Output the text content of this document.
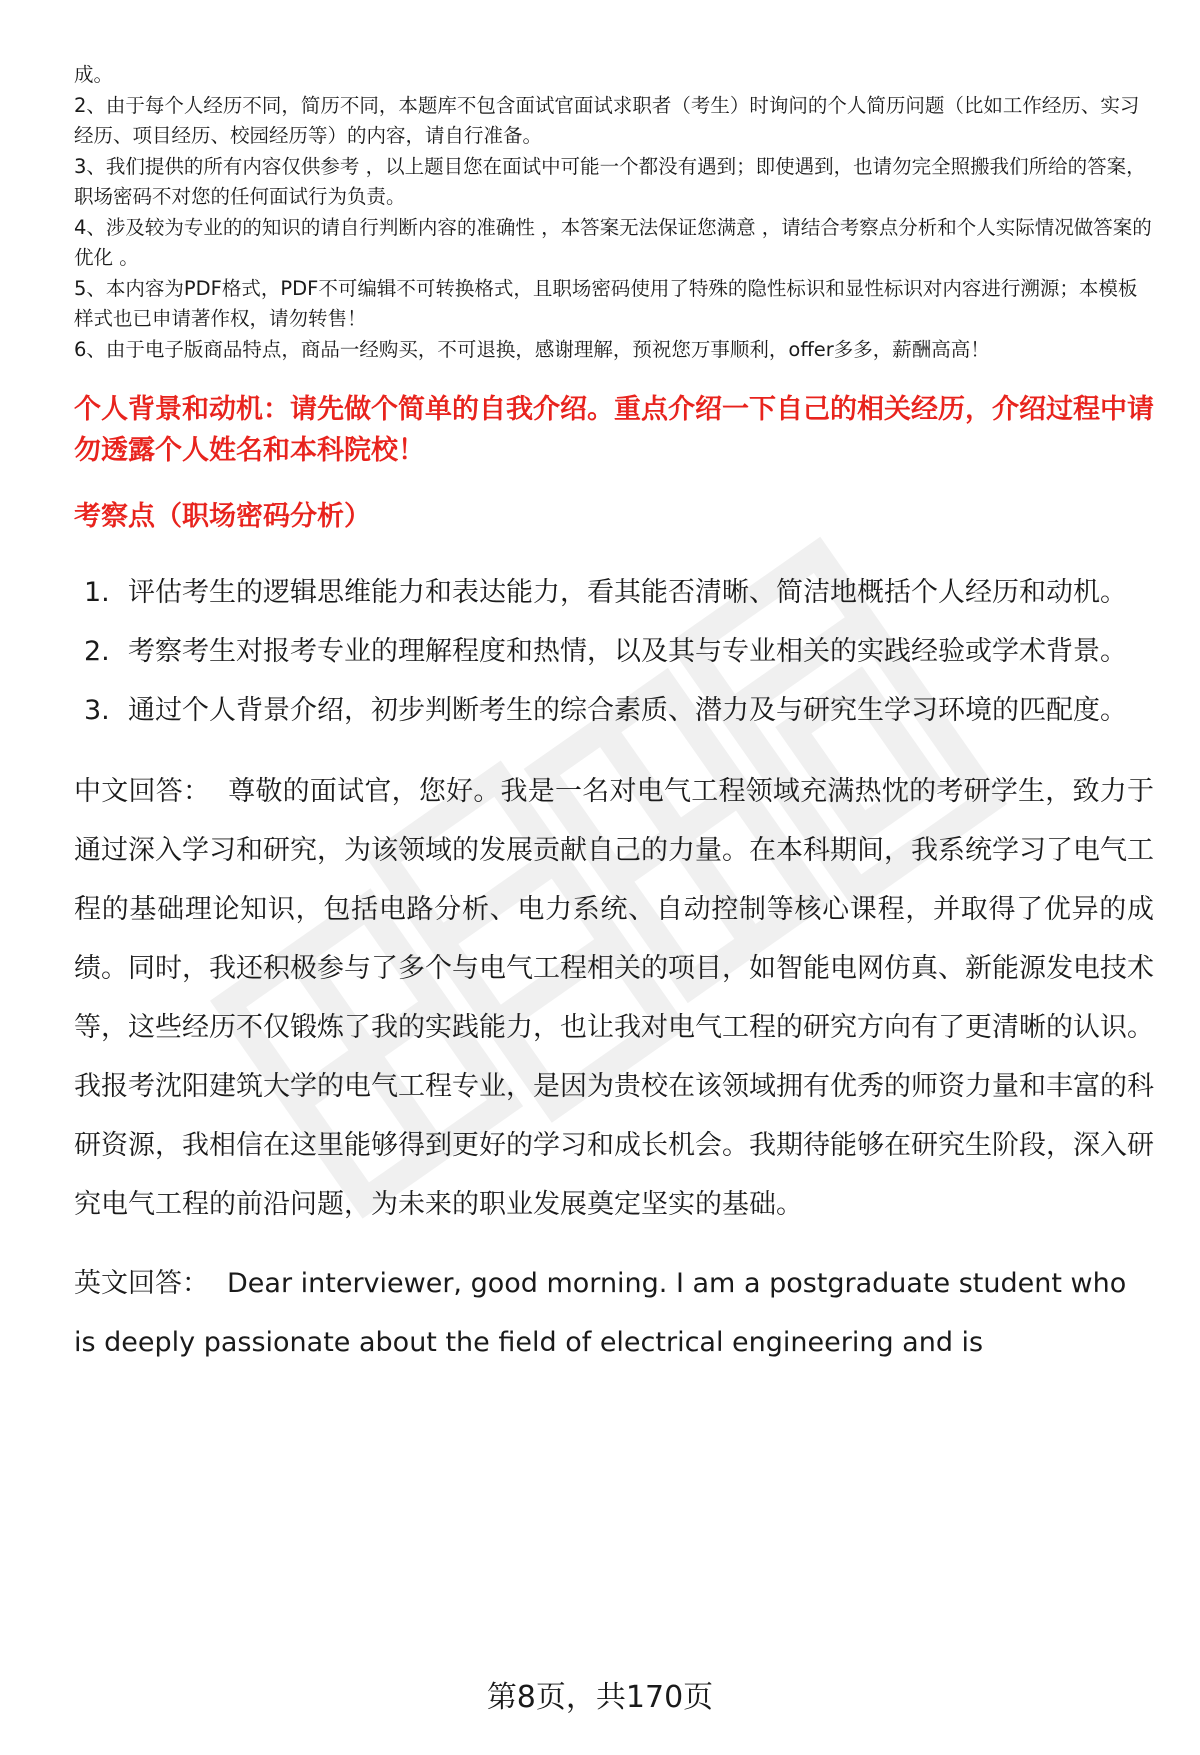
成。

2、由于每个人经历不同，简历不同，本题库不包含面试官面试求职者（考生）时询问的个人简历问题（比如工作经历、实习经历、项目经历、校园经历等）的内容，请自行准备。

3、我们提供的所有内容仅供参考 ，以上题目您在面试中可能一个都没有遇到；即使遇到，也请勿完全照搬我们所给的答案，职场密码不对您的任何面试行为负责。

4、涉及较为专业的的知识的请自行判断内容的准确性 ，本答案无法保证您满意 ，请结合考察点分析和个人实际情况做答案的优化 。

5、本内容为PDF格式，PDF不可编辑不可转换格式，且职场密码使用了特殊的隐性标识和显性标识对内容进行溯源；本模板样式也已申请著作权，请勿转售！

6、由于电子版商品特点，商品一经购买，不可退换，感谢理解，预祝您万事顺利，offer多多，薪酬高高！

个人背景和动机：请先做个简单的自我介绍。重点介绍一下自己的相关经历，介绍过程中请勿透露个人姓名和本科院校！
考察点（职场密码分析）
1. 评估考生的逻辑思维能力和表达能力，看其能否清晰、简洁地概括个人经历和动机。
2. 考察考生对报考专业的理解程度和热情，以及其与专业相关的实践经验或学术背景。
3. 通过个人背景介绍，初步判断考生的综合素质、潜力及与研究生学习环境的匹配度。
中文回答： 尊敬的面试官，您好。我是一名对电气工程领域充满热忱的考研学生，致力于通过深入学习和研究，为该领域的发展贡献自己的力量。在本科期间，我系统学习了电气工程的基础理论知识，包括电路分析、电力系统、自动控制等核心课程，并取得了优异的成绩。同时，我还积极参与了多个与电气工程相关的项目，如智能电网仿真、新能源发电技术等，这些经历不仅锻炼了我的实践能力，也让我对电气工程的研究方向有了更清晰的认识。我报考沈阳建筑大学的电气工程专业，是因为贵校在该领域拥有优秀的师资力量和丰富的科研资源，我相信在这里能够得到更好的学习和成长机会。我期待能够在研究生阶段，深入研究电气工程的前沿问题，为未来的职业发展奠定坚实的基础。
英文回答： Dear interviewer, good morning. I am a postgraduate student who is deeply passionate about the field of electrical engineering and is
第8页，共170页
